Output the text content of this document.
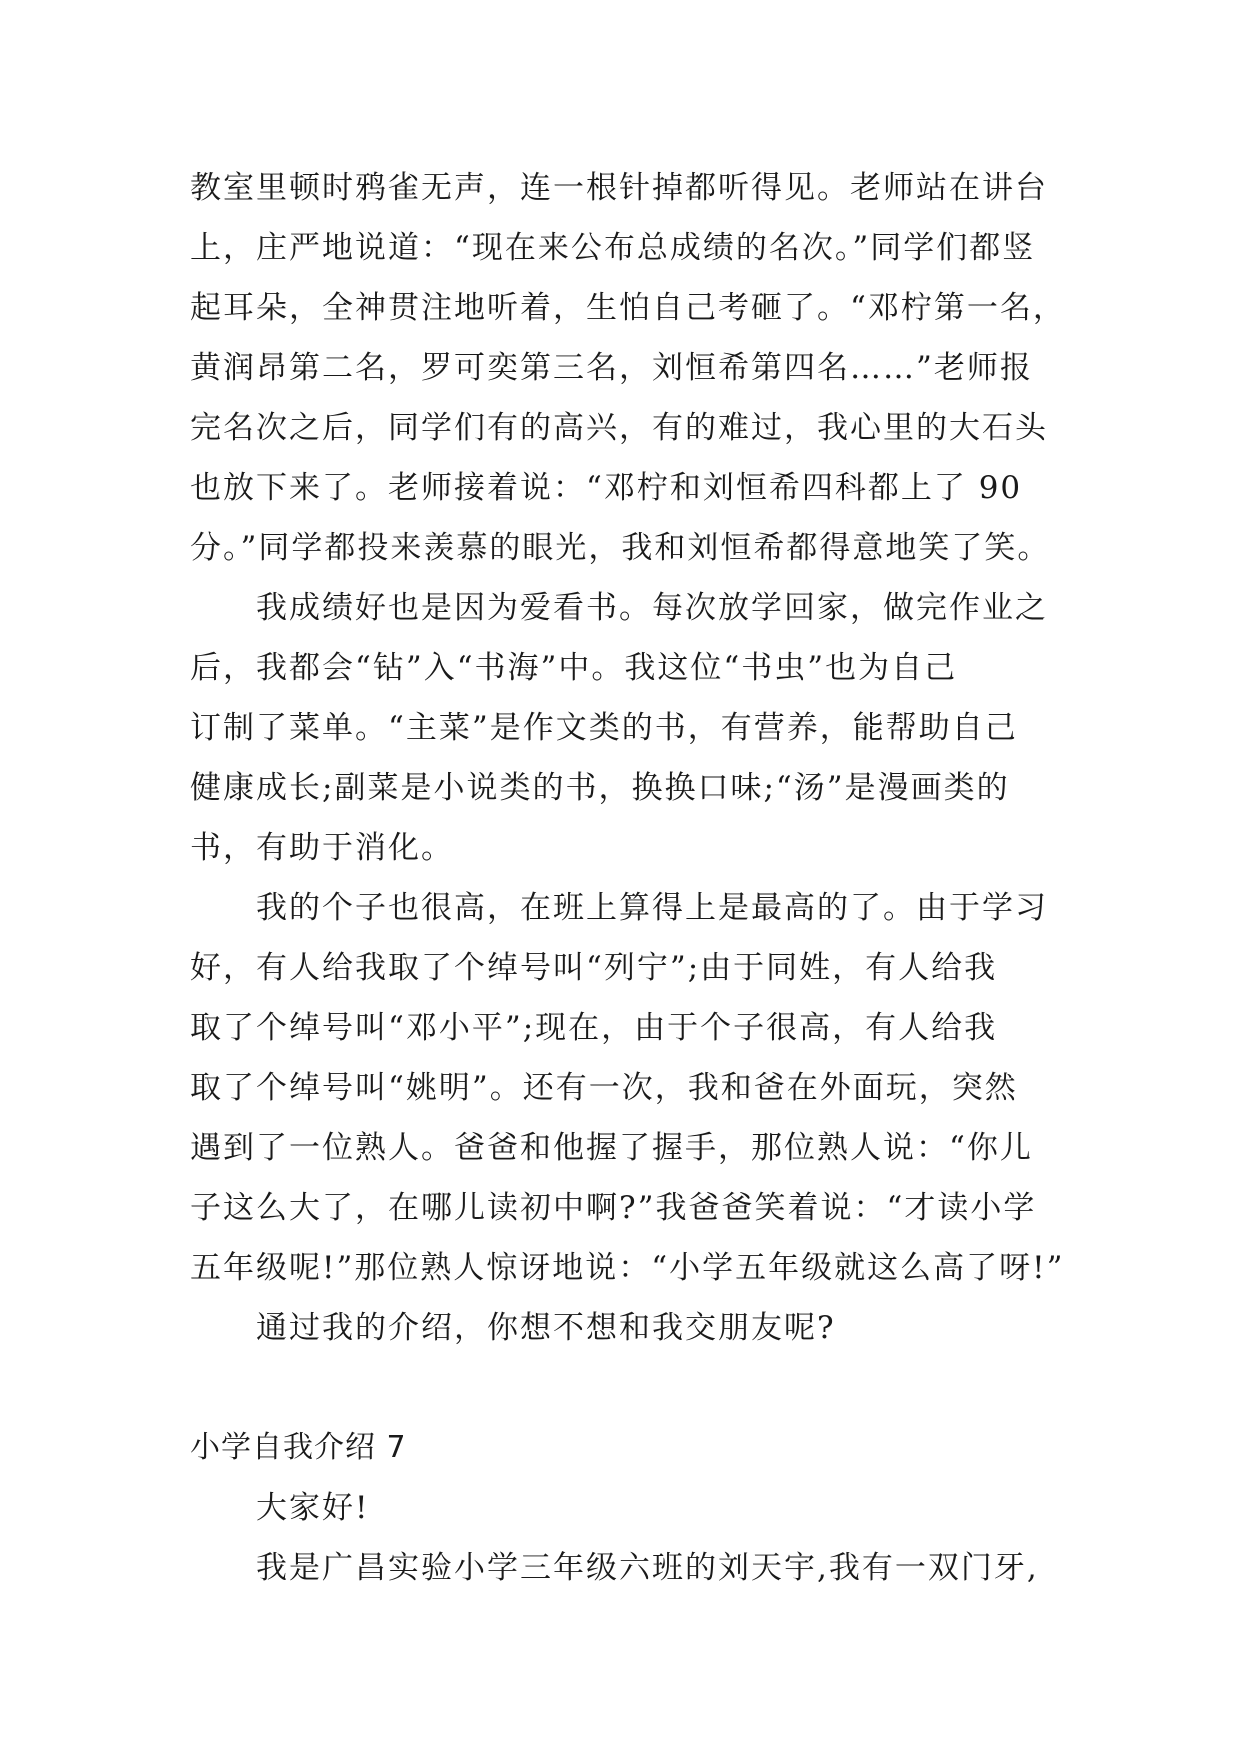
教室里顿时鸦雀无声，连一根针掉都听得见。老师站在讲台
上，庄严地说道：“现在来公布总成绩的名次。”同学们都竖
起耳朵，全神贯注地听着，生怕自己考砸了。“邓柠第一名，
黄润昂第二名，罗可奕第三名，刘恒希第四名……”老师报
完名次之后，同学们有的高兴，有的难过，我心里的大石头
也放下来了。老师接着说：“邓柠和刘恒希四科都上了 90
分。”同学都投来羡慕的眼光，我和刘恒希都得意地笑了笑。
我成绩好也是因为爱看书。每次放学回家，做完作业之
后，我都会“钻”入“书海”中。我这位“书虫”也为自己
订制了菜单。“主菜”是作文类的书，有营养，能帮助自己
健康成长;副菜是小说类的书，换换口味;“汤”是漫画类的
书，有助于消化。
我的个子也很高，在班上算得上是最高的了。由于学习
好，有人给我取了个绰号叫“列宁”;由于同姓，有人给我
取了个绰号叫“邓小平”;现在，由于个子很高，有人给我
取了个绰号叫“姚明”。还有一次，我和爸在外面玩，突然
遇到了一位熟人。爸爸和他握了握手，那位熟人说：“你儿
子这么大了，在哪儿读初中啊?”我爸爸笑着说：“才读小学
五年级呢!”那位熟人惊讶地说：“小学五年级就这么高了呀!”
通过我的介绍，你想不想和我交朋友呢?
小学自我介绍 7
大家好!
我是广昌实验小学三年级六班的刘天宇,我有一双门牙,
